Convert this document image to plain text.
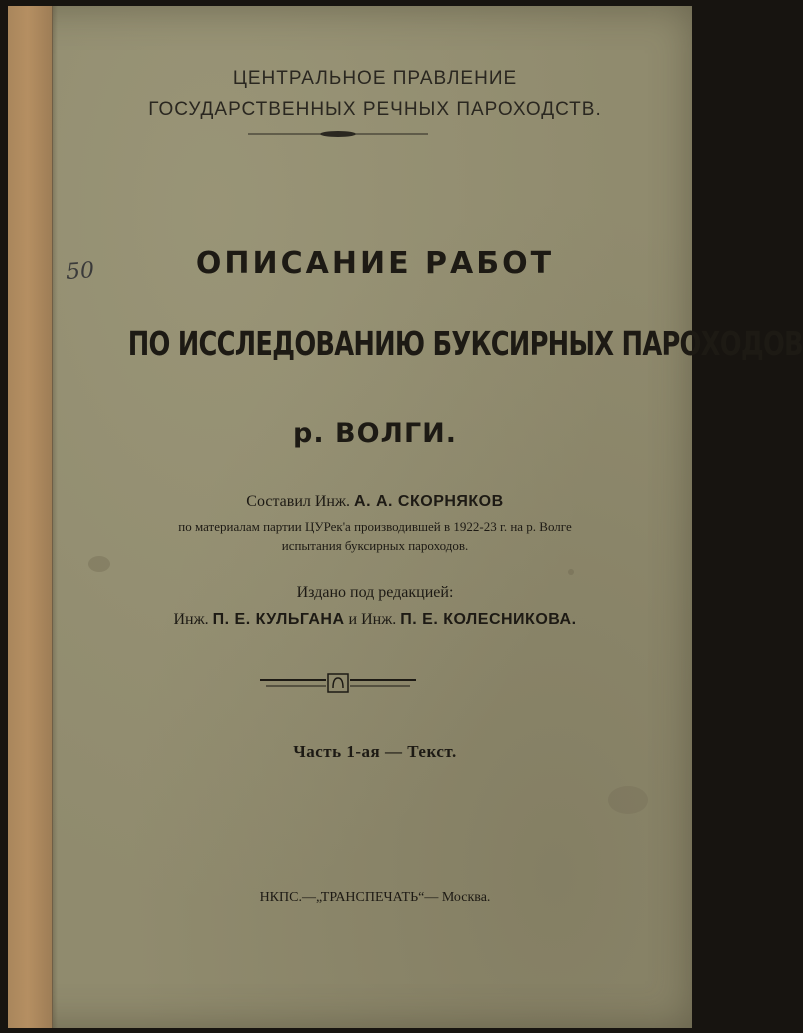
ЦЕНТРАЛЬНОЕ ПРАВЛЕНИЕ
ГОСУДАРСТВЕННЫХ РЕЧНЫХ ПАРОХОДСТВ.
50	ОПИСАНИЕ РАБОТ
ПО ИССЛЕДОВАНИЮ БУКСИРНЫХ ПАРОХОДОВ
р. ВОЛГИ.
Составил Инж. А. А. СКОРНЯКОВ
по материалам партии ЦУРек'а производившей в 1922-23 г. на р. Волге
испытания буксирных пароходов.
Издано под редакцией:
Инж. П. Е. КУЛЬГАНА и Инж. П. Е. КОЛЕСНИКОВА.
Часть 1-ая — Текст.
НКПС.—„ТРАНСПЕЧАТЬ“— Москва.
